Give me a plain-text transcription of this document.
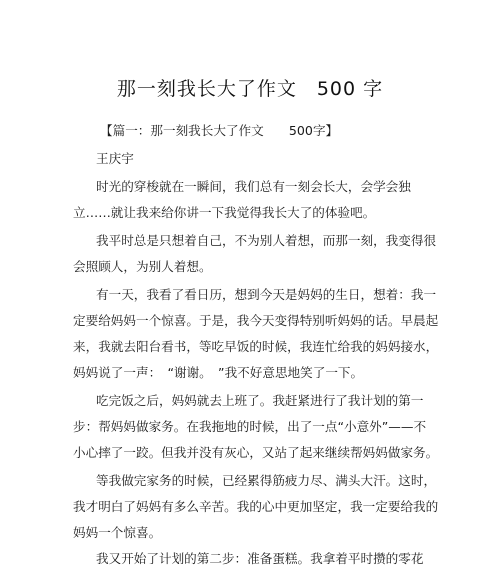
那一刻我长大了作文　500 字
【篇一：那一刻我长大了作文　　500字】
王庆宇
时光的穿梭就在一瞬间，我们总有一刻会长大，会学会独
立……就让我来给你讲一下我觉得我长大了的体验吧。
我平时总是只想着自己，不为别人着想，而那一刻，我变得很
会照顾人，为别人着想。
有一天，我看了看日历，想到今天是妈妈的生日，想着：我一
定要给妈妈一个惊喜。于是，我今天变得特别听妈妈的话。早晨起
来，我就去阳台看书，等吃早饭的时候，我连忙给我的妈妈接水，
妈妈说了一声：　“谢谢。　”我不好意思地笑了一下。
吃完饭之后，妈妈就去上班了。我赶紧进行了我计划的第一
步：帮妈妈做家务。在我拖地的时候，出了一点“小意外”——不
小心摔了一跤。但我并没有灰心，又站了起来继续帮妈妈做家务。
等我做完家务的时候，已经累得筋疲力尽、满头大汗。这时，
我才明白了妈妈有多么辛苦。我的心中更加坚定，我一定要给我的
妈妈一个惊喜。
我又开始了计划的第二步：准备蛋糕。我拿着平时攒的零花
